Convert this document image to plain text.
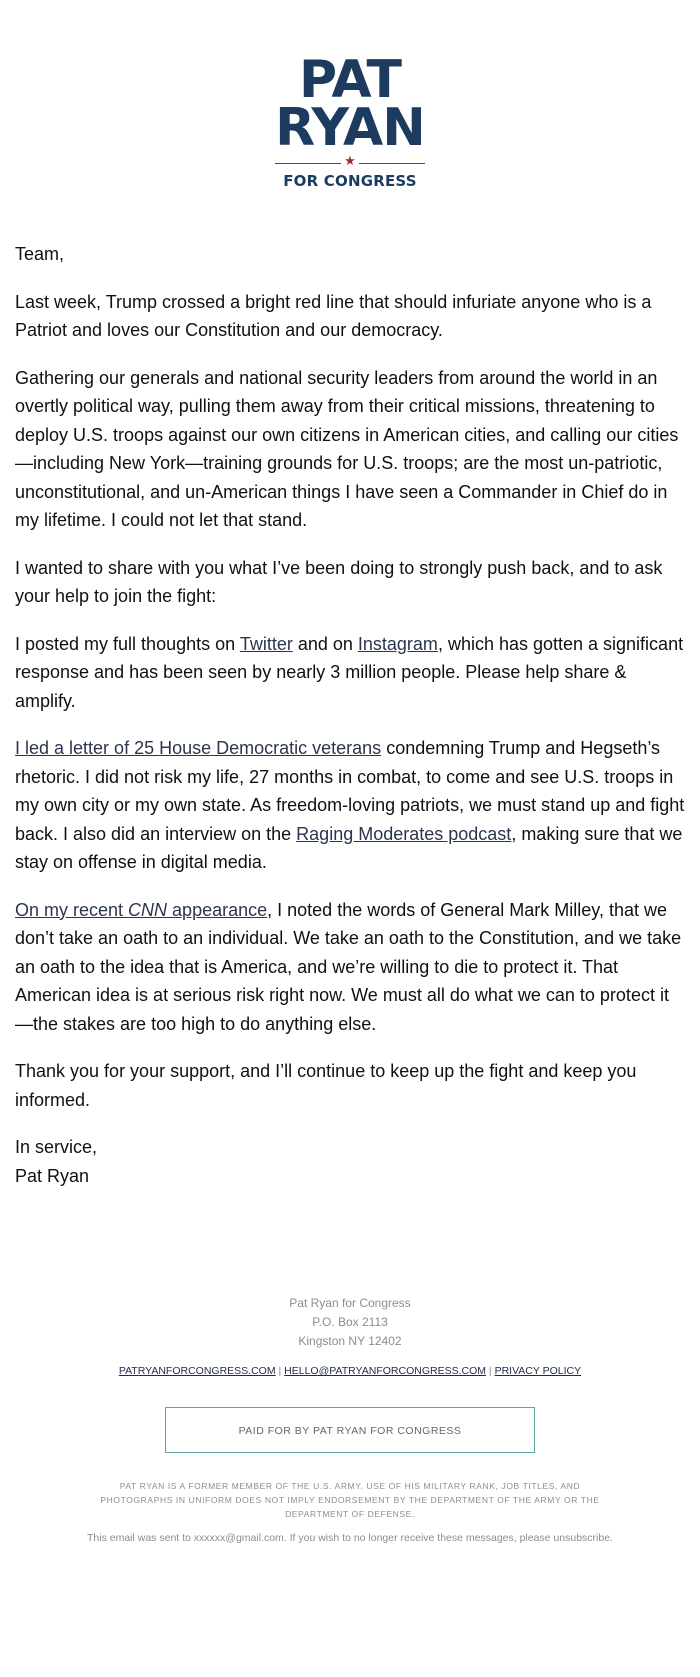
PAT
RYAN
★
FOR CONGRESS

Team,

Last week, Trump crossed a bright red line that should infuriate anyone who is a Patriot and loves our Constitution and our democracy.

Gathering our generals and national security leaders from around the world in an overtly political way, pulling them away from their critical missions, threatening to deploy U.S. troops against our own citizens in American cities, and calling our cities —including New York—training grounds for U.S. troops; are the most un-patriotic, unconstitutional, and un-American things I have seen a Commander in Chief do in my lifetime. I could not let that stand.

I wanted to share with you what I’ve been doing to strongly push back, and to ask your help to join the fight:

I posted my full thoughts on Twitter and on Instagram, which has gotten a significant response and has been seen by nearly 3 million people. Please help share & amplify.

I led a letter of 25 House Democratic veterans condemning Trump and Hegseth’s rhetoric. I did not risk my life, 27 months in combat, to come and see U.S. troops in my own city or my own state. As freedom-loving patriots, we must stand up and fight back. I also did an interview on the Raging Moderates podcast, making sure that we stay on offense in digital media.

On my recent CNN appearance, I noted the words of General Mark Milley, that we don’t take an oath to an individual. We take an oath to the Constitution, and we take an oath to the idea that is America, and we’re willing to die to protect it. That American idea is at serious risk right now. We must all do what we can to protect it —the stakes are too high to do anything else.

Thank you for your support, and I’ll continue to keep up the fight and keep you informed.

In service,
Pat Ryan

Pat Ryan for Congress
P.O. Box 2113
Kingston NY 12402
PATRYANFORCONGRESS.COM | HELLO@PATRYANFORCONGRESS.COM | PRIVACY POLICY
PAID FOR BY PAT RYAN FOR CONGRESS
PAT RYAN IS A FORMER MEMBER OF THE U.S. ARMY. USE OF HIS MILITARY RANK, JOB TITLES, AND PHOTOGRAPHS IN UNIFORM DOES NOT IMPLY ENDORSEMENT BY THE DEPARTMENT OF THE ARMY OR THE DEPARTMENT OF DEFENSE.
This email was sent to xxxxxx@gmail.com. If you wish to no longer receive these messages, please unsubscribe.
